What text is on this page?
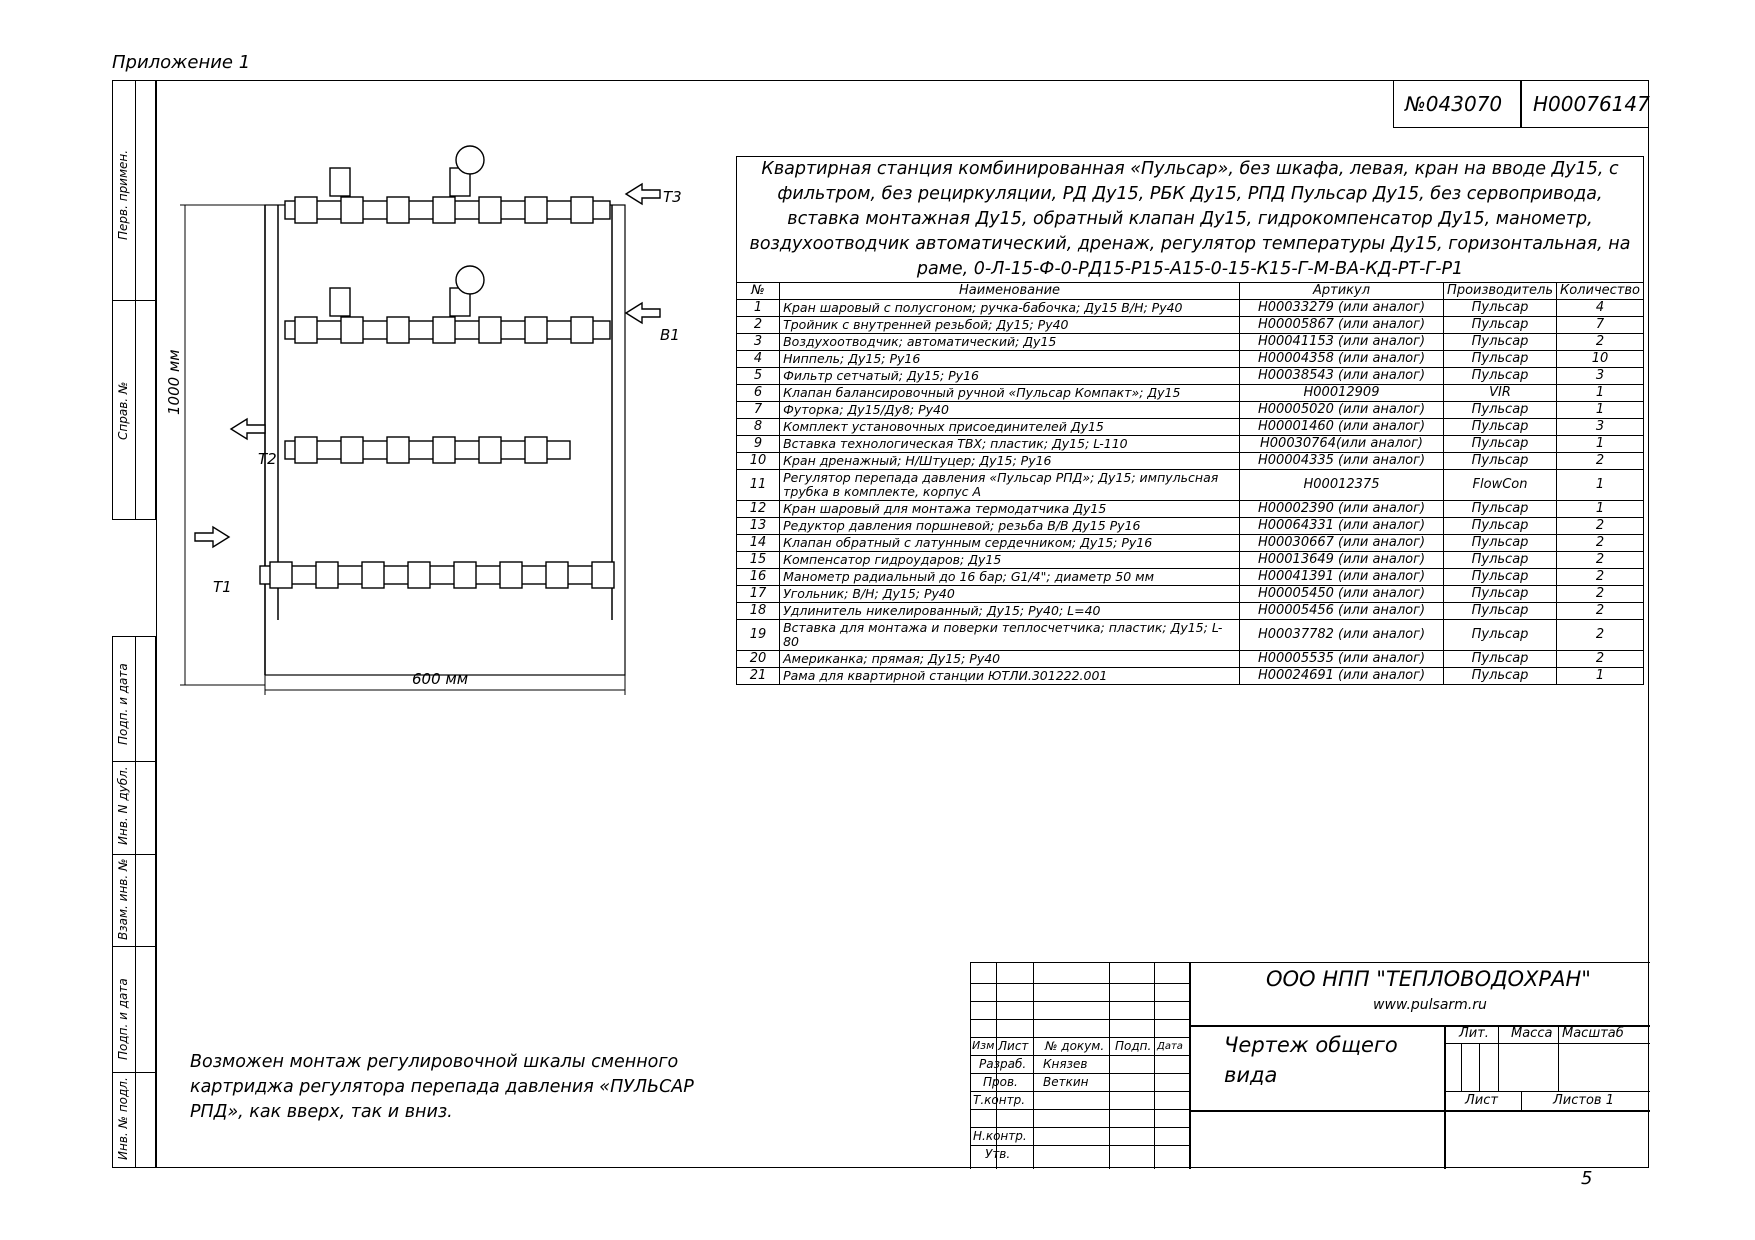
Приложение 1
Перв. примен.
Справ. №
Подп. и дата
Инв. N дубл.
Взам. инв. №
Подп. и дата
Инв. № подл.
№043070 Н00076147
Квартирная станция комбинированная «Пульсар», без шкафа, левая, кран на вводе Ду15, с
фильтром, без рециркуляции, РД Ду15, РБК Ду15, РПД Пульсар Ду15, без сервопривода,
вставка монтажная Ду15, обратный клапан Ду15, гидрокомпенсатор Ду15, манометр,
воздухоотводчик автоматический, дренаж, регулятор температуры Ду15, горизонтальная, на
раме, 0-Л-15-Ф-0-РД15-Р15-А15-0-15-К15-Г-М-ВА-КД-РТ-Г-Р1
№	Наименование	Артикул	Производитель	Количество
1	Кран шаровый с полусгоном; ручка-бабочка; Ду15 В/Н; Ру40	Н00033279 (или аналог)	Пульсар	4
2	Тройник с внутренней резьбой; Ду15; Ру40	Н00005867 (или аналог)	Пульсар	7
3	Воздухоотводчик; автоматический; Ду15	Н00041153 (или аналог)	Пульсар	2
4	Ниппель; Ду15; Ру16	Н00004358 (или аналог)	Пульсар	10
5	Фильтр сетчатый; Ду15; Ру16	Н00038543 (или аналог)	Пульсар	3
6	Клапан балансировочный ручной «Пульсар Компакт»; Ду15	Н00012909	VIR	1
7	Футорка; Ду15/Ду8; Ру40	Н00005020 (или аналог)	Пульсар	1
8	Комплект установочных присоединителей Ду15	Н00001460 (или аналог)	Пульсар	3
9	Вставка технологическая ТВХ; пластик; Ду15; L-110	Н00030764(или аналог)	Пульсар	1
10	Кран дренажный; Н/Штуцер; Ду15; Ру16	Н00004335 (или аналог)	Пульсар	2
11	Регулятор перепада давления «Пульсар РПД»; Ду15; импульсная трубка в комплекте, корпус А	Н00012375	FlowCon	1
12	Кран шаровый для монтажа термодатчика Ду15	Н00002390 (или аналог)	Пульсар	1
13	Редуктор давления поршневой; резьба В/В Ду15 Ру16	Н00064331 (или аналог)	Пульсар	2
14	Клапан обратный с латунным сердечником; Ду15; Ру16	Н00030667 (или аналог)	Пульсар	2
15	Компенсатор гидроударов; Ду15	Н00013649 (или аналог)	Пульсар	2
16	Манометр радиальный до 16 бар; G1/4"; диаметр 50 мм	Н00041391 (или аналог)	Пульсар	2
17	Угольник; В/Н; Ду15; Ру40	Н00005450 (или аналог)	Пульсар	2
18	Удлинитель никелированный; Ду15; Ру40; L=40	Н00005456 (или аналог)	Пульсар	2
19	Вставка для монтажа и поверки теплосчетчика; пластик; Ду15; L-80	Н00037782 (или аналог)	Пульсар	2
20	Американка; прямая; Ду15; Ру40	Н00005535 (или аналог)	Пульсар	2
21	Рама для квартирной станции ЮТЛИ.301222.001	Н00024691 (или аналог)	Пульсар	1
Т3
В1
Т2
Т1
1000 мм
600 мм
Возможен монтаж регулировочной шкалы сменного
картриджа регулятора перепада давления «ПУЛЬСАР
РПД», как вверх, так и вниз.
Изм Лист № докум. Подп. Дата
Разраб. Князев
Пров. Веткин
Т.контр.
Н.контр.
Утв.
ООО НПП "ТЕПЛОВОДОХРАН"
www.pulsarm.ru
Чертеж общего
вида
Лит. Масса Масштаб
Лист	Листов 1
5
